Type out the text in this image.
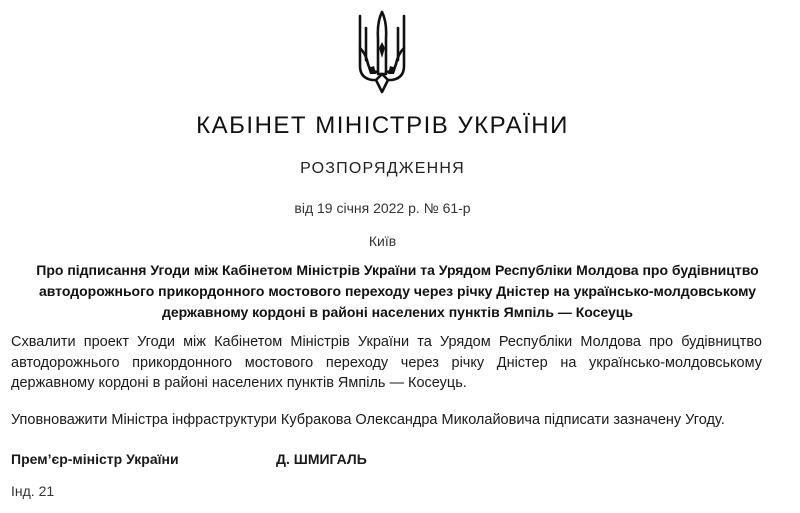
КАБІНЕТ МІНІСТРІВ УКРАЇНИ
РОЗПОРЯДЖЕННЯ
від 19 січня 2022 р. № 61-р
Київ
Про підписання Угоди між Кабінетом Міністрів України та Урядом Республіки Молдова про будівництво автодорожнього прикордонного мостового переходу через річку Дністер на українсько-молдовському державному кордоні в районі населених пунктів Ямпіль — Косеуць
Схвалити проект Угоди між Кабінетом Міністрів України та Урядом Республіки Молдова про будівництво автодорожнього прикордонного мостового переходу через річку Дністер на українсько-молдовському державному кордоні в районі населених пунктів Ямпіль — Косеуць.
Уповноважити Міністра інфраструктури Кубракова Олександра Миколайовича підписати зазначену Угоду.
Прем’єр-міністр України	Д. ШМИГАЛЬ
Інд. 21
